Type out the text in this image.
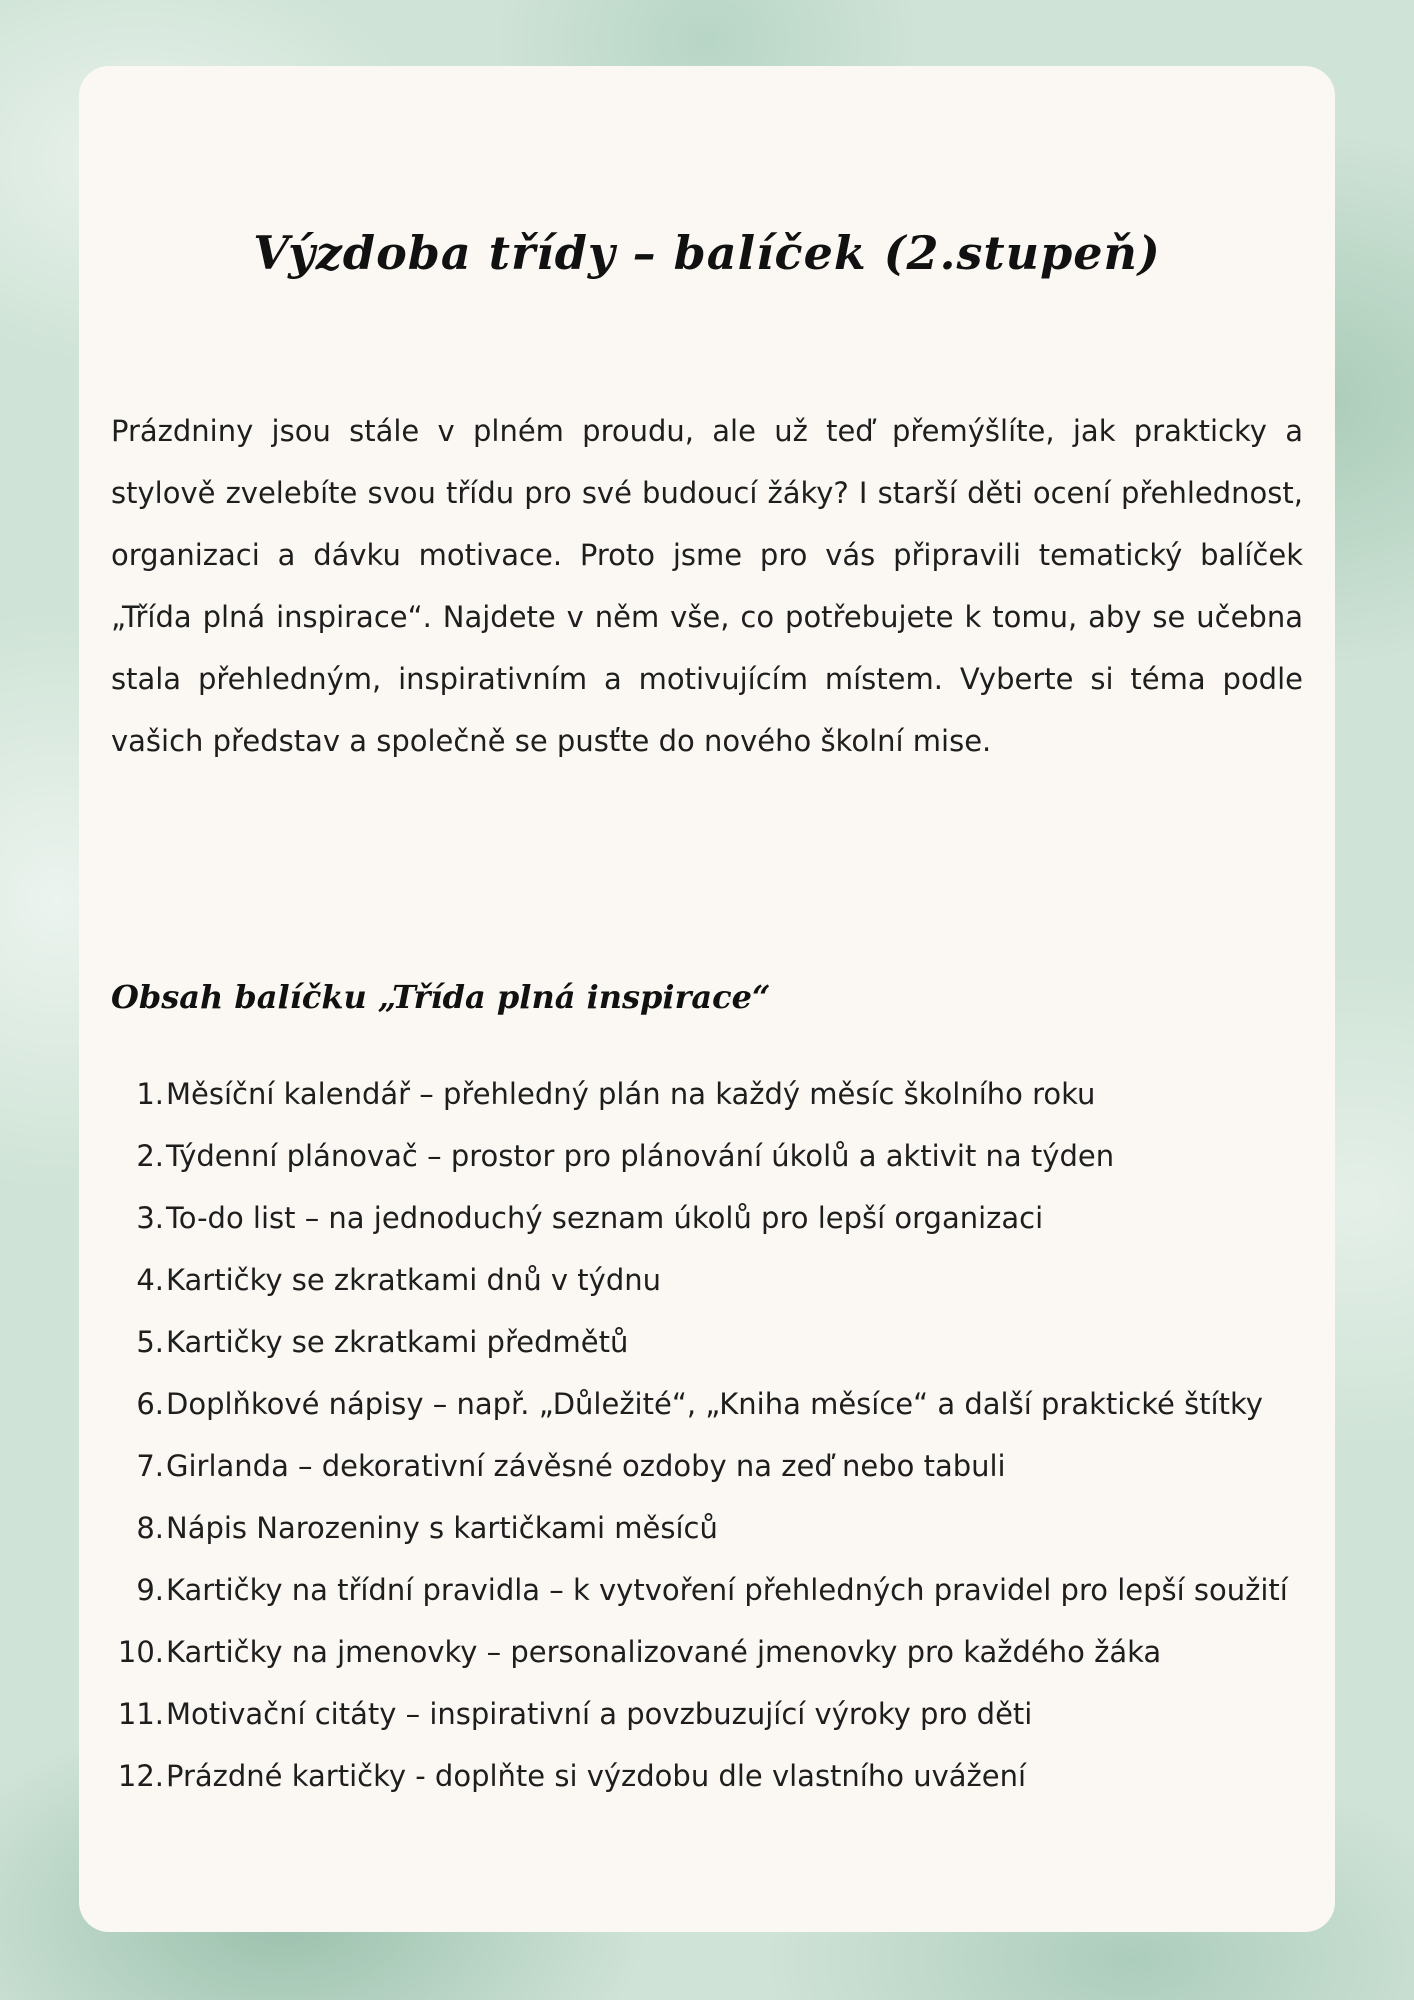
Výzdoba třídy – balíček (2.stupeň)

Prázdniny jsou stále v plném proudu, ale už teď přemýšlíte, jak prakticky a stylově zvelebíte svou třídu pro své budoucí žáky? I starší děti ocení přehlednost, organizaci a dávku motivace. Proto jsme pro vás připravili tematický balíček „Třída plná inspirace“. Najdete v něm vše, co potřebujete k tomu, aby se učebna stala přehledným, inspirativním a motivujícím místem. Vyberte si téma podle vašich představ a společně se pusťte do nového školní mise.

Obsah balíčku „Třída plná inspirace“
1. Měsíční kalendář – přehledný plán na každý měsíc školního roku
2. Týdenní plánovač – prostor pro plánování úkolů a aktivit na týden
3. To-do list – na jednoduchý seznam úkolů pro lepší organizaci
4. Kartičky se zkratkami dnů v týdnu
5. Kartičky se zkratkami předmětů
6. Doplňkové nápisy – např. „Důležité“, „Kniha měsíce“ a další praktické štítky
7. Girlanda – dekorativní závěsné ozdoby na zeď nebo tabuli
8. Nápis Narozeniny s kartičkami měsíců
9. Kartičky na třídní pravidla – k vytvoření přehledných pravidel pro lepší soužití
10. Kartičky na jmenovky – personalizované jmenovky pro každého žáka
11. Motivační citáty – inspirativní a povzbuzující výroky pro děti
12. Prázdné kartičky - doplňte si výzdobu dle vlastního uvážení
